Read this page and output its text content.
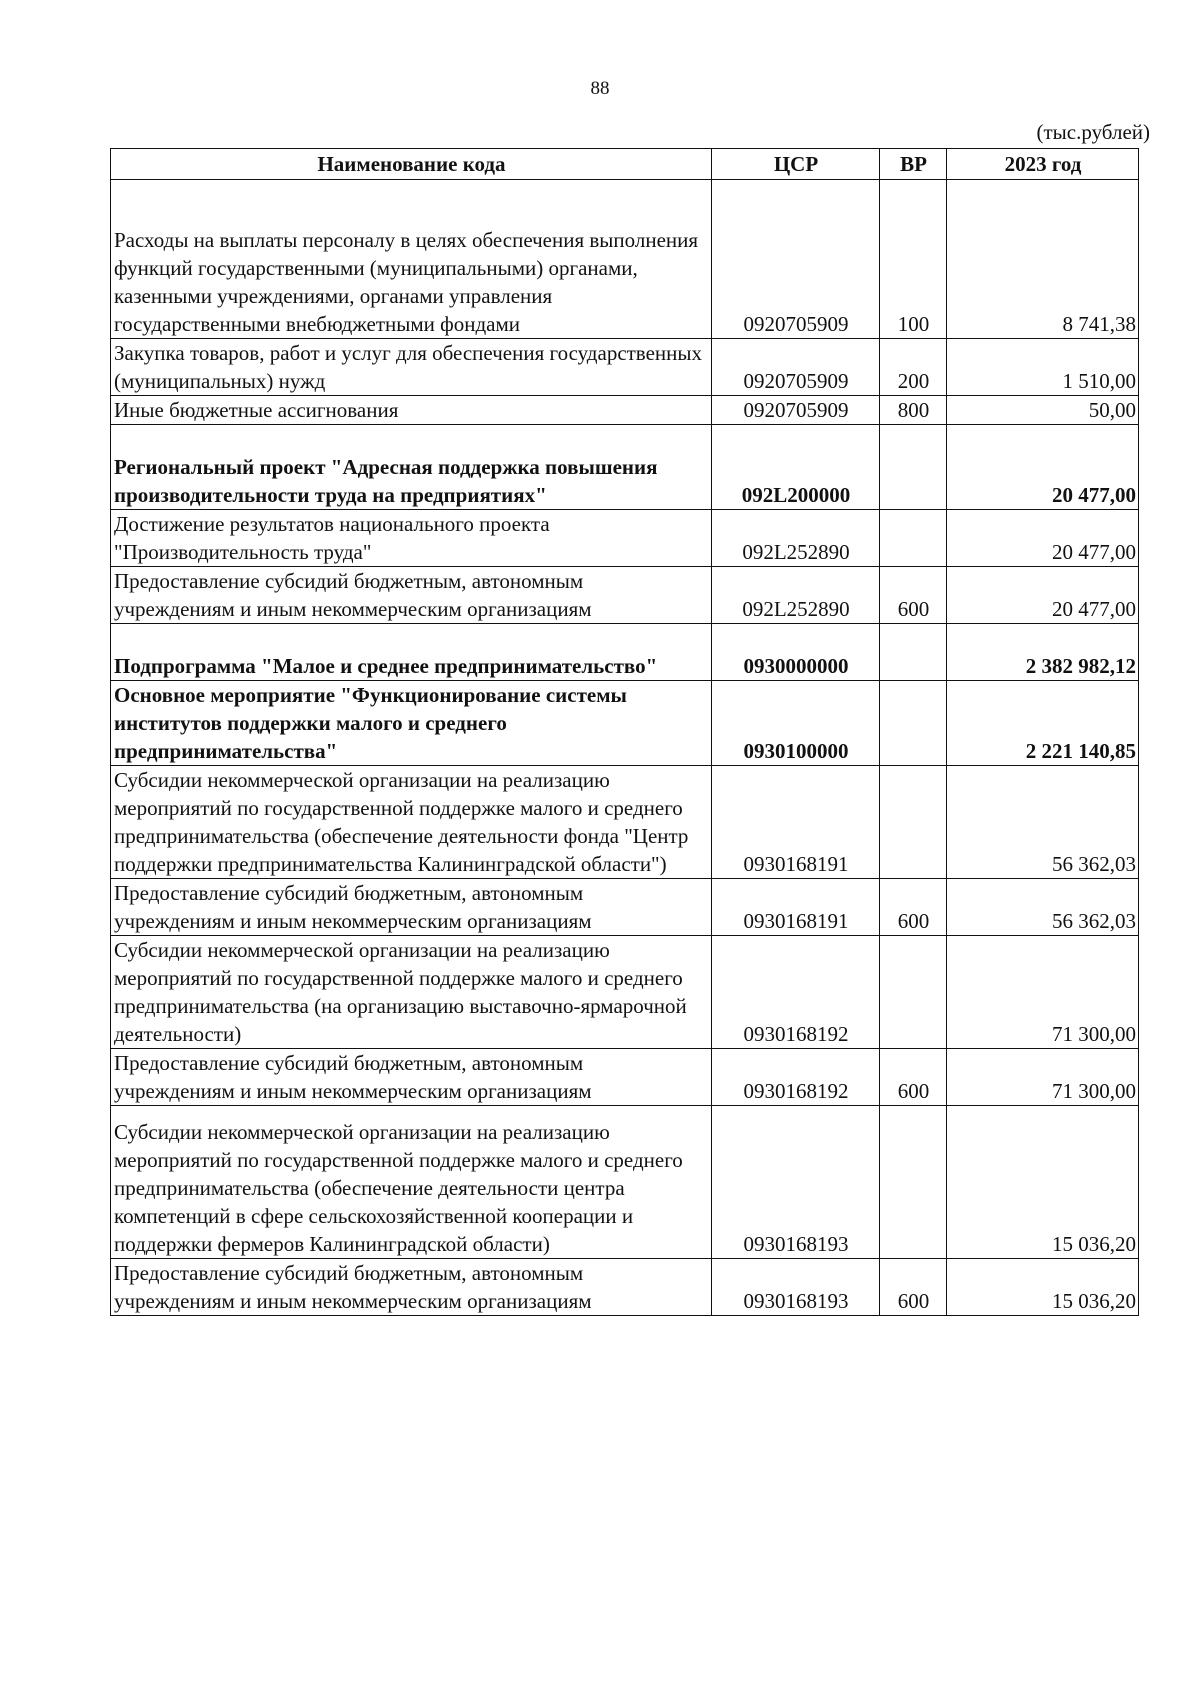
88
(тыс.рублей)
Наименование кода	ЦСР	ВР	2023 год
Расходы на выплаты персоналу в целях обеспечения выполнения функций государственными (муниципальными) органами, казенными учреждениями, органами управления государственными внебюджетными фондами	0920705909	100	8 741,38
Закупка товаров, работ и услуг для обеспечения государственных (муниципальных) нужд	0920705909	200	1 510,00
Иные бюджетные ассигнования	0920705909	800	50,00
Региональный проект "Адресная поддержка повышения производительности труда на предприятиях"	092L200000		20 477,00
Достижение результатов национального проекта "Производительность труда"	092L252890		20 477,00
Предоставление субсидий бюджетным, автономным учреждениям и иным некоммерческим организациям	092L252890	600	20 477,00
Подпрограмма "Малое и среднее предпринимательство"	0930000000		2 382 982,12
Основное мероприятие "Функционирование системы институтов поддержки малого и среднего предпринимательства"	0930100000		2 221 140,85
Субсидии некоммерческой организации на реализацию мероприятий по государственной поддержке малого и среднего предпринимательства (обеспечение деятельности фонда "Центр поддержки предпринимательства Калининградской области")	0930168191		56 362,03
Предоставление субсидий бюджетным, автономным учреждениям и иным некоммерческим организациям	0930168191	600	56 362,03
Субсидии некоммерческой организации на реализацию мероприятий по государственной поддержке малого и среднего предпринимательства (на организацию выставочно-ярмарочной деятельности)	0930168192		71 300,00
Предоставление субсидий бюджетным, автономным учреждениям и иным некоммерческим организациям	0930168192	600	71 300,00
Субсидии некоммерческой организации на реализацию мероприятий по государственной поддержке малого и среднего предпринимательства (обеспечение деятельности центра компетенций в сфере сельскохозяйственной кооперации и поддержки фермеров Калининградской области)	0930168193		15 036,20
Предоставление субсидий бюджетным, автономным учреждениям и иным некоммерческим организациям	0930168193	600	15 036,20
